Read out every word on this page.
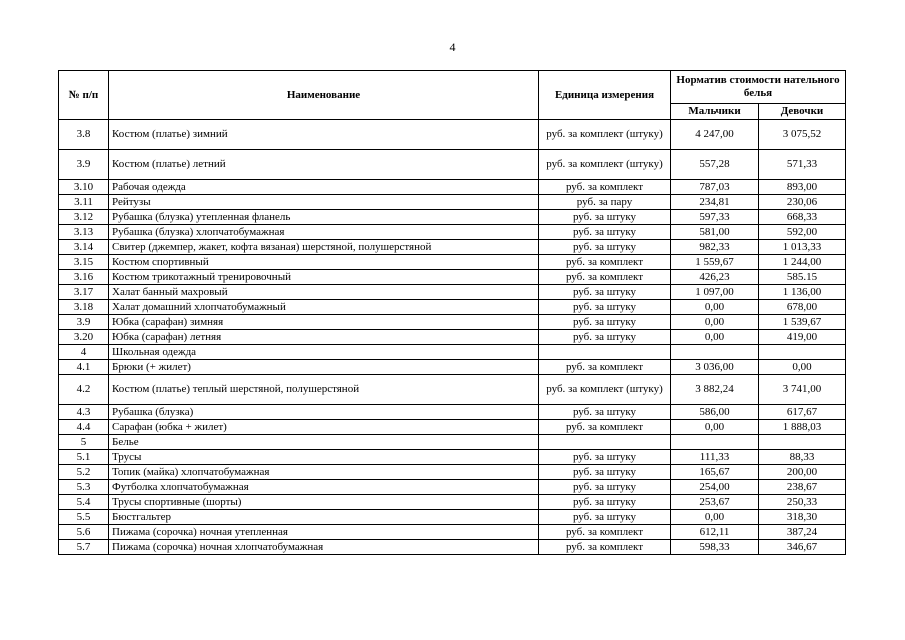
4
№ п/п	Наименование	Единица измерения	Норматив стоимости нательного белья	
			Мальчики	Девочки
3.8	Костюм (платье) зимний	руб. за комплект (штуку)	4 247,00	3 075,52
3.9	Костюм (платье) летний	руб. за комплект (штуку)	557,28	571,33
3.10	Рабочая одежда	руб. за комплект	787,03	893,00
3.11	Рейтузы	руб. за пару	234,81	230,06
3.12	Рубашка (блузка) утепленная фланель	руб. за штуку	597,33	668,33
3.13	Рубашка (блузка) хлопчатобумажная	руб. за штуку	581,00	592,00
3.14	Свитер (джемпер, жакет, кофта вязаная) шерстяной, полушерстяной	руб. за штуку	982,33	1 013,33
3.15	Костюм спортивный	руб. за комплект	1 559,67	1 244,00
3.16	Костюм трикотажный тренировочный	руб. за комплект	426,23	585.15
3.17	Халат банный махровый	руб. за штуку	1 097,00	1 136,00
3.18	Халат домашний хлопчатобумажный	руб. за штуку	0,00	678,00
3.9	Юбка (сарафан) зимняя	руб. за штуку	0,00	1 539,67
3.20	Юбка (сарафан) летняя	руб. за штуку	0,00	419,00
4	Школьная одежда			
4.1	Брюки (+ жилет)	руб. за комплект	3 036,00	0,00
4.2	Костюм (платье) теплый шерстяной, полушерстяной	руб. за комплект (штуку)	3 882,24	3 741,00
4.3	Рубашка (блузка)	руб. за штуку	586,00	617,67
4.4	Сарафан (юбка + жилет)	руб. за комплект	0,00	1 888,03
5	Белье			
5.1	Трусы	руб. за штуку	111,33	88,33
5.2	Топик (майка) хлопчатобумажная	руб. за штуку	165,67	200,00
5.3	Футболка хлопчатобумажная	руб. за штуку	254,00	238,67
5.4	Трусы спортивные (шорты)	руб. за штуку	253,67	250,33
5.5	Бюстгальтер	руб. за штуку	0,00	318,30
5.6	Пижама (сорочка) ночная утепленная	руб. за комплект	612,11	387,24
5.7	Пижама (сорочка) ночная хлопчатобумажная	руб. за комплект	598,33	346,67
